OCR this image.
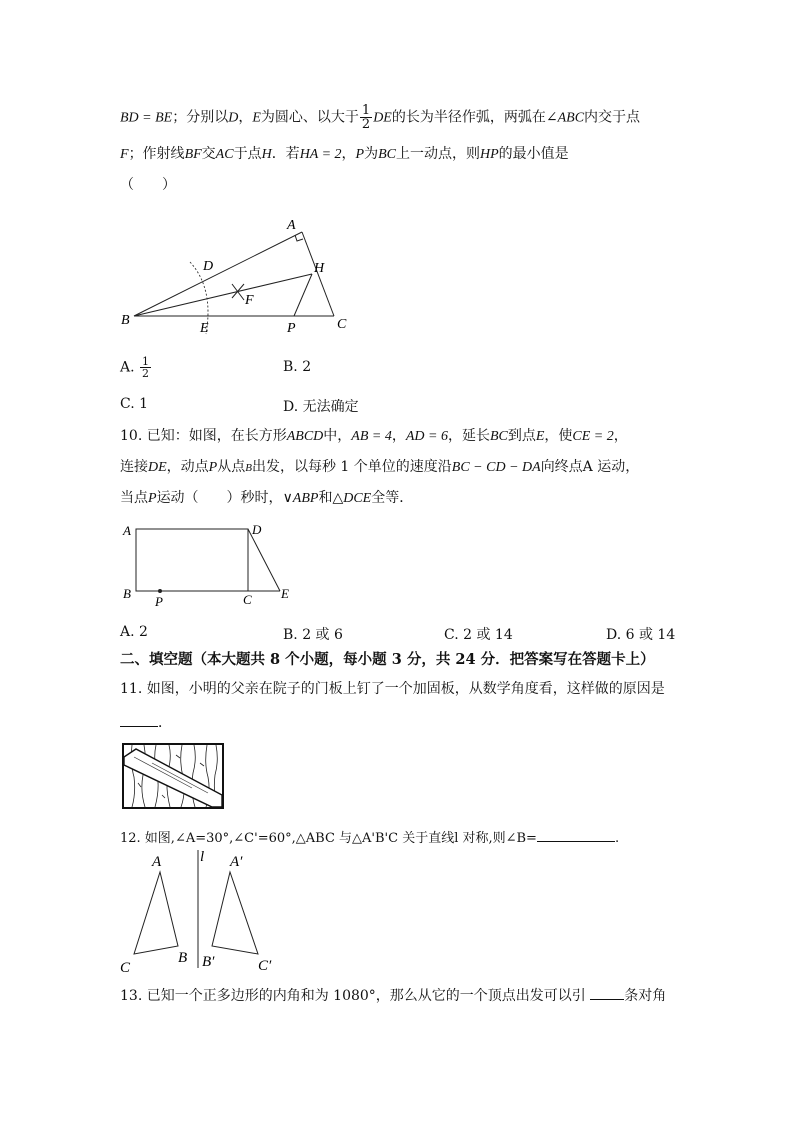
BD = BE；分别以D，E为圆心、以大于 $\frac{1}{2}$ DE的长为半径作弧，两弧在∠ABC内交于点
F；作射线BF交AC于点H．若HA = 2，P为BC上一动点，则HP的最小值是
（　　）
A
B	C
D
E
F
H
P
A. $\frac{1}{2}$	B. 2
C. 1	D. 无法确定
10. 已知：如图，在长方形ABCD中，AB = 4，AD = 6，延长BC到点E，使CE = 2，
连接DE，动点P从点B出发，以每秒 1 个单位的速度沿BC − CD − DA向终点A 运动，
当点P运动（　　）秒时，∨ABP和△DCE全等．
A
B	C
D
E
P
A. 2	B. 2 或 6	C. 2 或 14	D. 6 或 14
二、填空题（本大题共 8 个小题，每小题 3 分，共 24 分．把答案写在答题卡上）
11. 如图，小明的父亲在院子的门板上钉了一个加固板，从数学角度看，这样做的原因是
．
12. 如图,∠A=30°,∠C'=60°,△ABC 与△A'B'C 关于直线l 对称,则∠B=	.
A
B
C
l A′
B′	C′
13. 已知一个正多边形的内角和为 1080°，那么从它的一个顶点出发可以引	条对角
